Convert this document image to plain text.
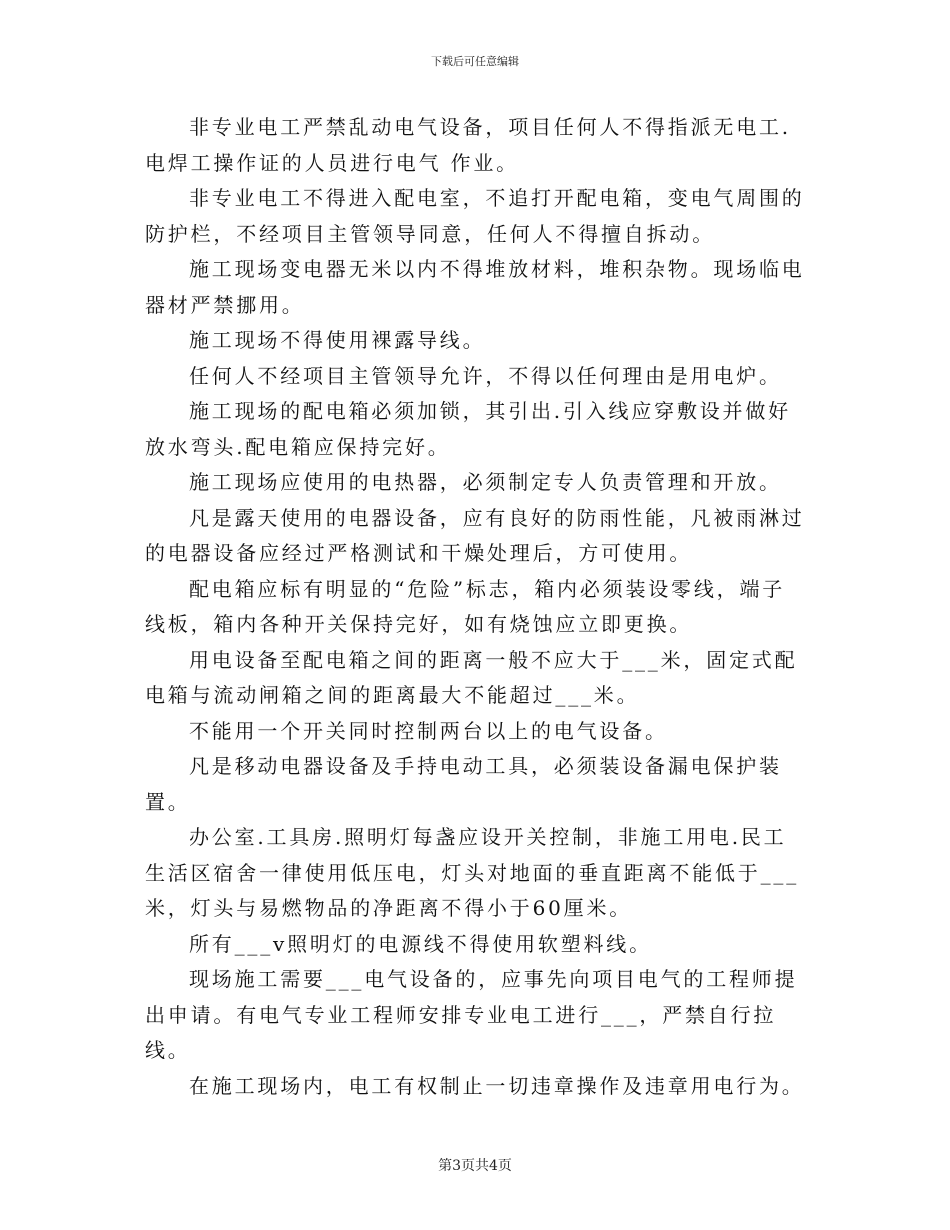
下载后可任意编辑

非专业电工严禁乱动电气设备，项目任何人不得指派无电工.电焊工操作证的人员进行电气 作业。

非专业电工不得进入配电室，不追打开配电箱，变电气周围的防护栏，不经项目主管领导同意，任何人不得擅自拆动。

施工现场变电器无米以内不得堆放材料，堆积杂物。现场临电器材严禁挪用。

施工现场不得使用裸露导线。

任何人不经项目主管领导允许，不得以任何理由是用电炉。

施工现场的配电箱必须加锁，其引出.引入线应穿敷设并做好放水弯头.配电箱应保持完好。

施工现场应使用的电热器，必须制定专人负责管理和开放。

凡是露天使用的电器设备，应有良好的防雨性能，凡被雨淋过的电器设备应经过严格测试和干燥处理后，方可使用。

配电箱应标有明显的“危险”标志，箱内必须装设零线，端子线板，箱内各种开关保持完好，如有烧蚀应立即更换。

用电设备至配电箱之间的距离一般不应大于___米，固定式配电箱与流动闸箱之间的距离最大不能超过___米。

不能用一个开关同时控制两台以上的电气设备。

凡是移动电器设备及手持电动工具，必须装设备漏电保护装置。

办公室.工具房.照明灯每盏应设开关控制，非施工用电.民工生活区宿舍一律使用低压电，灯头对地面的垂直距离不能低于___米，灯头与易燃物品的净距离不得小于60厘米。

所有___v照明灯的电源线不得使用软塑料线。

现场施工需要___电气设备的，应事先向项目电气的工程师提出申请。有电气专业工程师安排专业电工进行___，严禁自行拉线。

在施工现场内，电工有权制止一切违章操作及违章用电行为。

第3页共4页
